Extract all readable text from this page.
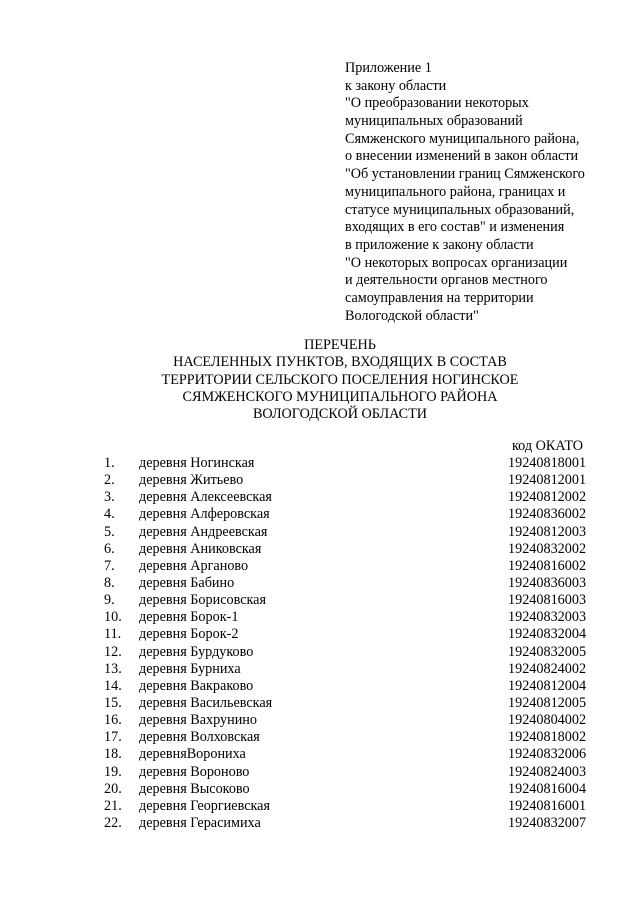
Приложение 1
к закону области
"О преобразовании некоторых
муниципальных образований
Сямженского муниципального района,
о внесении изменений в закон области
"Об установлении границ Сямженского
муниципального района, границах и
статусе муниципальных образований,
входящих в его состав" и изменения
в приложение к закону области
"О некоторых вопросах организации
и деятельности органов местного
самоуправления на территории
Вологодской области"
ПЕРЕЧЕНЬ
НАСЕЛЕННЫХ ПУНКТОВ, ВХОДЯЩИХ В СОСТАВ
ТЕРРИТОРИИ СЕЛЬСКОГО ПОСЕЛЕНИЯ НОГИНСКОЕ
СЯМЖЕНСКОГО МУНИЦИПАЛЬНОГО РАЙОНА
ВОЛОГОДСКОЙ ОБЛАСТИ
код ОКАТО
1.	деревня Ногинская	19240818001
2.	деревня Житьево	19240812001
3.	деревня Алексеевская	19240812002
4.	деревня Алферовская	19240836002
5.	деревня Андреевская	19240812003
6.	деревня Аниковская	19240832002
7.	деревня Арганово	19240816002
8.	деревня Бабино	19240836003
9.	деревня Борисовская	19240816003
10.	деревня Борок-1	19240832003
11.	деревня Борок-2	19240832004
12.	деревня Бурдуково	19240832005
13.	деревня Бурниха	19240824002
14.	деревня Вакраково	19240812004
15.	деревня Васильевская	19240812005
16.	деревня Вахрунино	19240804002
17.	деревня Волховская	19240818002
18.	деревняВорониха	19240832006
19.	деревня Вороново	19240824003
20.	деревня Высоково	19240816004
21.	деревня Георгиевская	19240816001
22.	деревня Герасимиха	19240832007
